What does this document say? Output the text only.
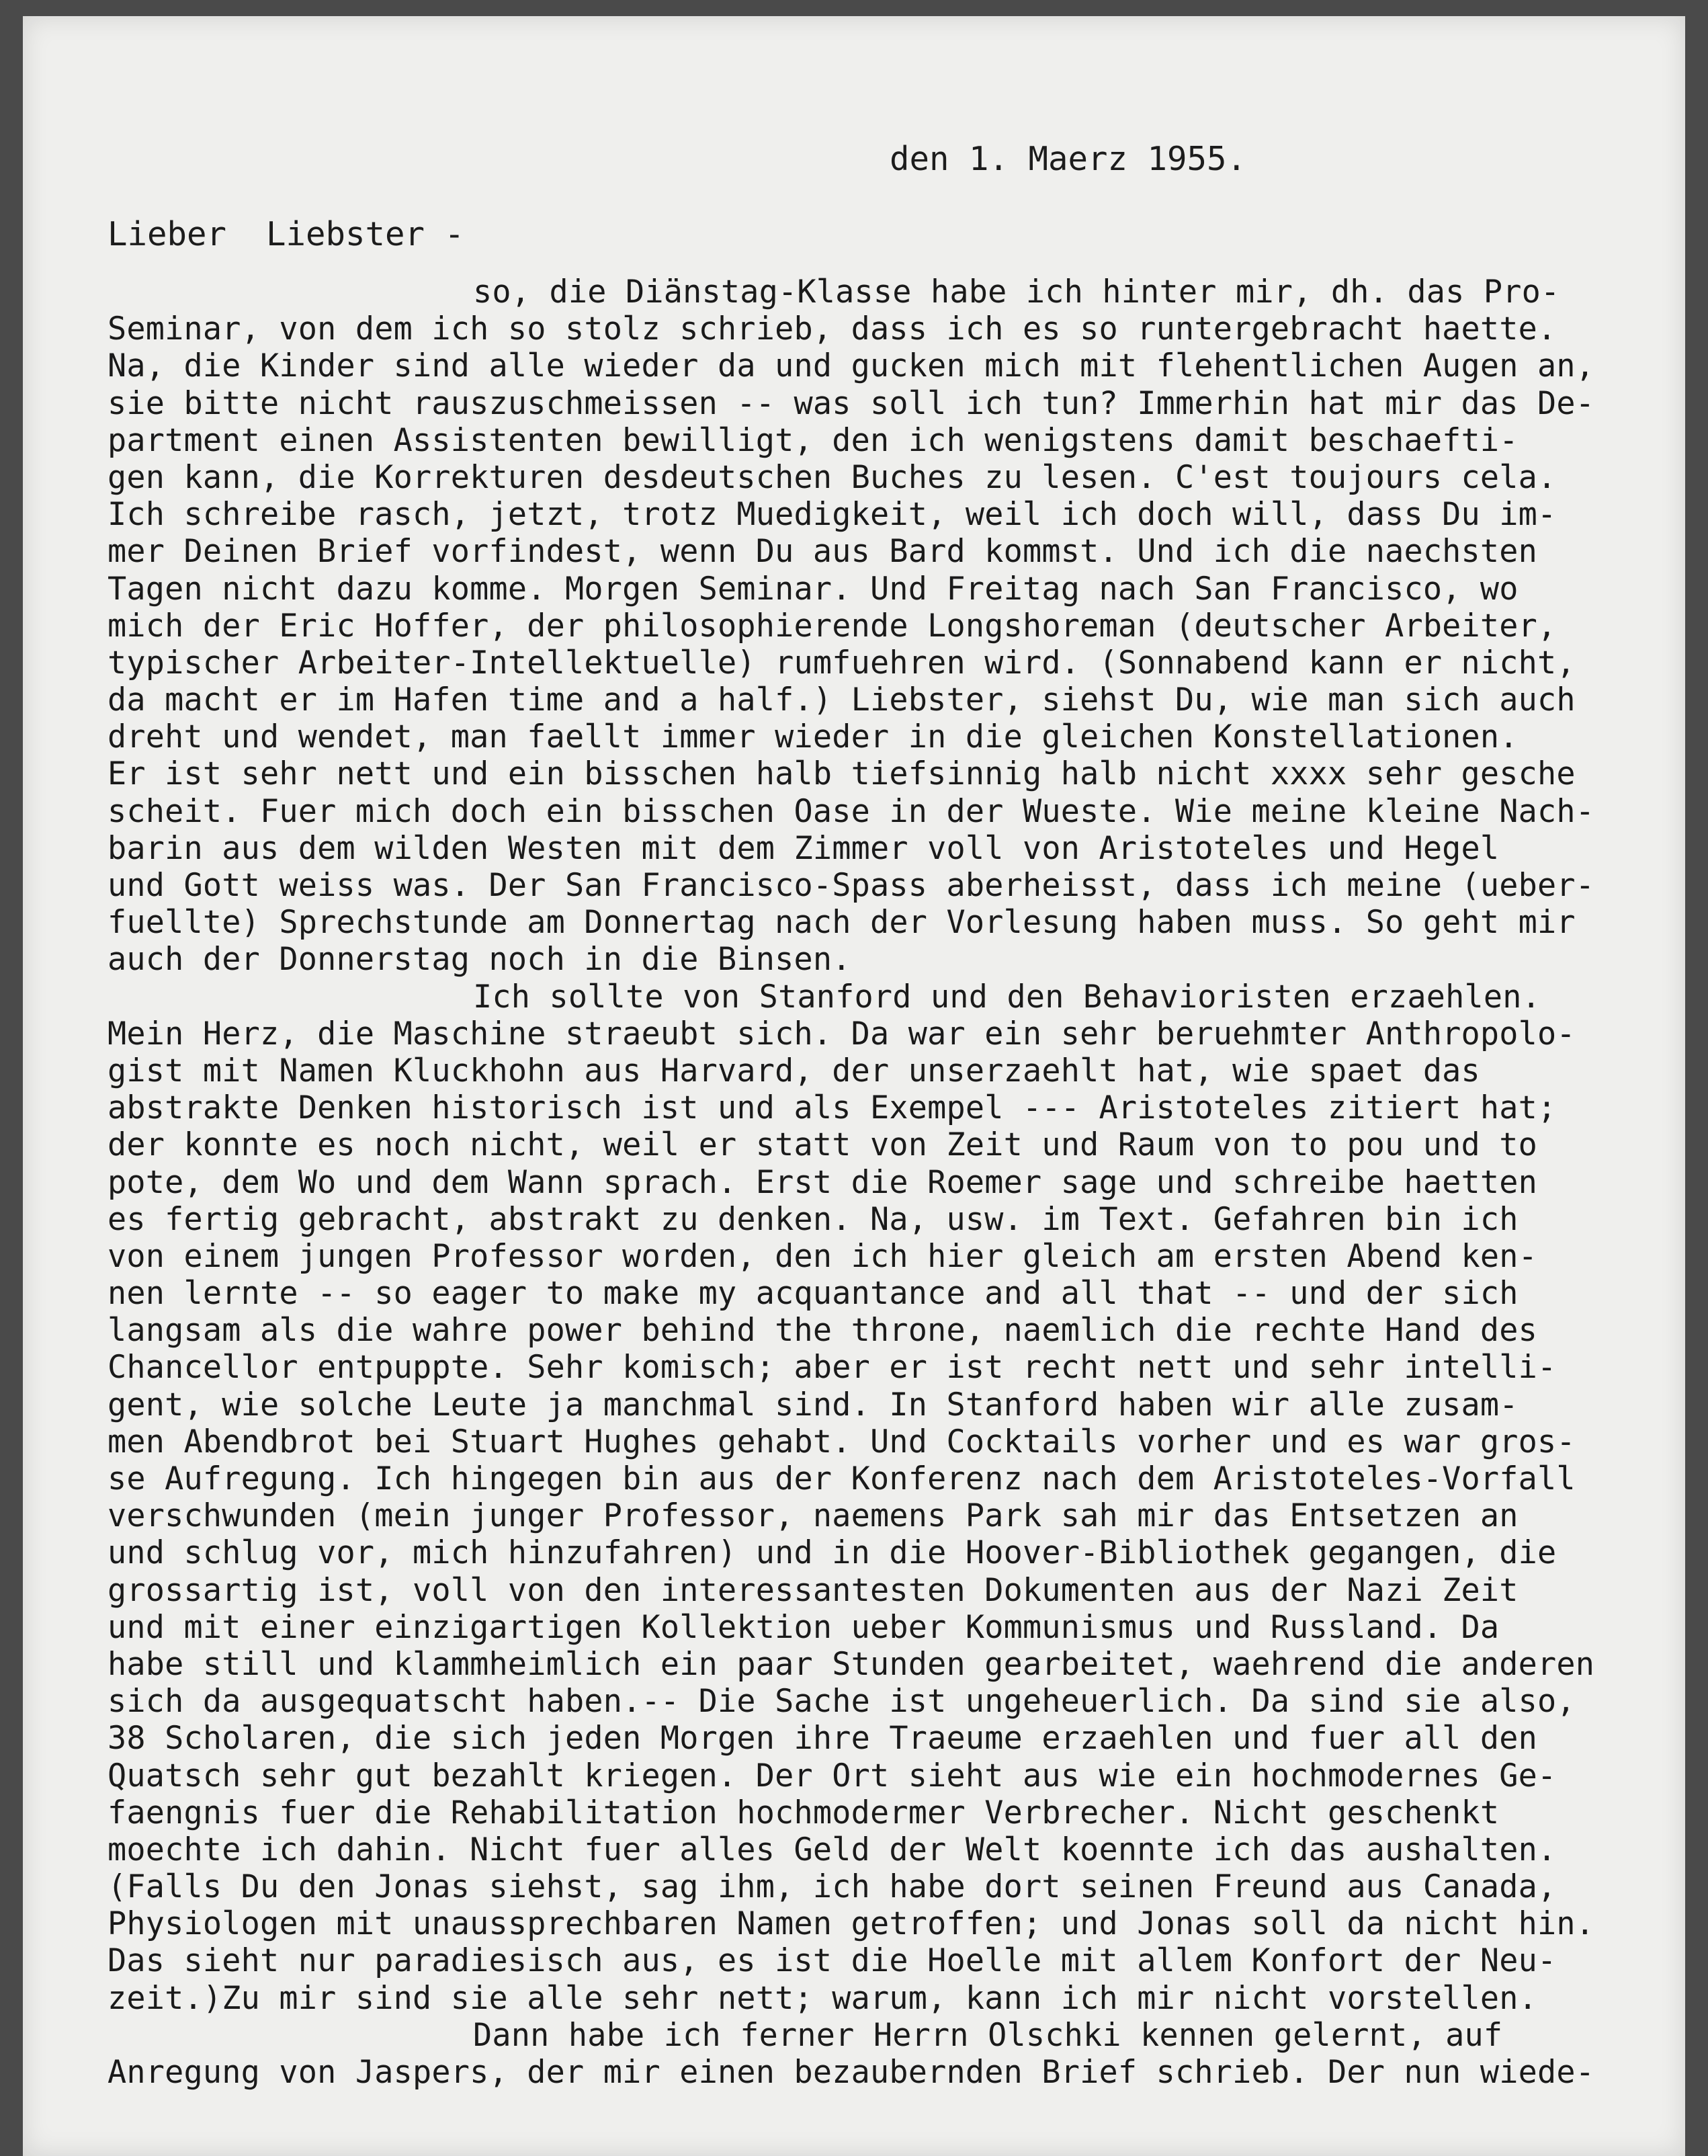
den 1. Maerz 1955.
Lieber  Liebster -
so, die Diänstag-Klasse habe ich hinter mir, dh. das Pro-
Seminar, von dem ich so stolz schrieb, dass ich es so runtergebracht haette.
Na, die Kinder sind alle wieder da und gucken mich mit flehentlichen Augen an,
sie bitte nicht rauszuschmeissen -- was soll ich tun? Immerhin hat mir das De-
partment einen Assistenten bewilligt, den ich wenigstens damit beschaefti-
gen kann, die Korrekturen desdeutschen Buches zu lesen. C'est toujours cela.
Ich schreibe rasch, jetzt, trotz Muedigkeit, weil ich doch will, dass Du im-
mer Deinen Brief vorfindest, wenn Du aus Bard kommst. Und ich die naechsten
Tagen nicht dazu komme. Morgen Seminar. Und Freitag nach San Francisco, wo
mich der Eric Hoffer, der philosophierende Longshoreman (deutscher Arbeiter,
typischer Arbeiter-Intellektuelle) rumfuehren wird. (Sonnabend kann er nicht,
da macht er im Hafen time and a half.) Liebster, siehst Du, wie man sich auch
dreht und wendet, man faellt immer wieder in die gleichen Konstellationen.
Er ist sehr nett und ein bisschen halb tiefsinnig halb nicht xxxx sehr gesche
scheit. Fuer mich doch ein bisschen Oase in der Wueste. Wie meine kleine Nach-
barin aus dem wilden Westen mit dem Zimmer voll von Aristoteles und Hegel
und Gott weiss was. Der San Francisco-Spass aberheisst, dass ich meine (ueber-
fuellte) Sprechstunde am Donnertag nach der Vorlesung haben muss. So geht mir
auch der Donnerstag noch in die Binsen.
Ich sollte von Stanford und den Behavioristen erzaehlen.
Mein Herz, die Maschine straeubt sich. Da war ein sehr beruehmter Anthropolo-
gist mit Namen Kluckhohn aus Harvard, der unserzaehlt hat, wie spaet das
abstrakte Denken historisch ist und als Exempel --- Aristoteles zitiert hat;
der konnte es noch nicht, weil er statt von Zeit und Raum von to pou und to
pote, dem Wo und dem Wann sprach. Erst die Roemer sage und schreibe haetten
es fertig gebracht, abstrakt zu denken. Na, usw. im Text. Gefahren bin ich
von einem jungen Professor worden, den ich hier gleich am ersten Abend ken-
nen lernte -- so eager to make my acquantance and all that -- und der sich
langsam als die wahre power behind the throne, naemlich die rechte Hand des
Chancellor entpuppte. Sehr komisch; aber er ist recht nett und sehr intelli-
gent, wie solche Leute ja manchmal sind. In Stanford haben wir alle zusam-
men Abendbrot bei Stuart Hughes gehabt. Und Cocktails vorher und es war gros-
se Aufregung. Ich hingegen bin aus der Konferenz nach dem Aristoteles-Vorfall
verschwunden (mein junger Professor, naemens Park sah mir das Entsetzen an
und schlug vor, mich hinzufahren) und in die Hoover-Bibliothek gegangen, die
grossartig ist, voll von den interessantesten Dokumenten aus der Nazi Zeit
und mit einer einzigartigen Kollektion ueber Kommunismus und Russland. Da
habe still und klammheimlich ein paar Stunden gearbeitet, waehrend die anderen
sich da ausgequatscht haben.-- Die Sache ist ungeheuerlich. Da sind sie also,
38 Scholaren, die sich jeden Morgen ihre Traeume erzaehlen und fuer all den
Quatsch sehr gut bezahlt kriegen. Der Ort sieht aus wie ein hochmodernes Ge-
faengnis fuer die Rehabilitation hochmodermer Verbrecher. Nicht geschenkt
moechte ich dahin. Nicht fuer alles Geld der Welt koennte ich das aushalten.
(Falls Du den Jonas siehst, sag ihm, ich habe dort seinen Freund aus Canada,
Physiologen mit unaussprechbaren Namen getroffen; und Jonas soll da nicht hin.
Das sieht nur paradiesisch aus, es ist die Hoelle mit allem Konfort der Neu-
zeit.)Zu mir sind sie alle sehr nett; warum, kann ich mir nicht vorstellen.
Dann habe ich ferner Herrn Olschki kennen gelernt, auf
Anregung von Jaspers, der mir einen bezaubernden Brief schrieb. Der nun wiede-
